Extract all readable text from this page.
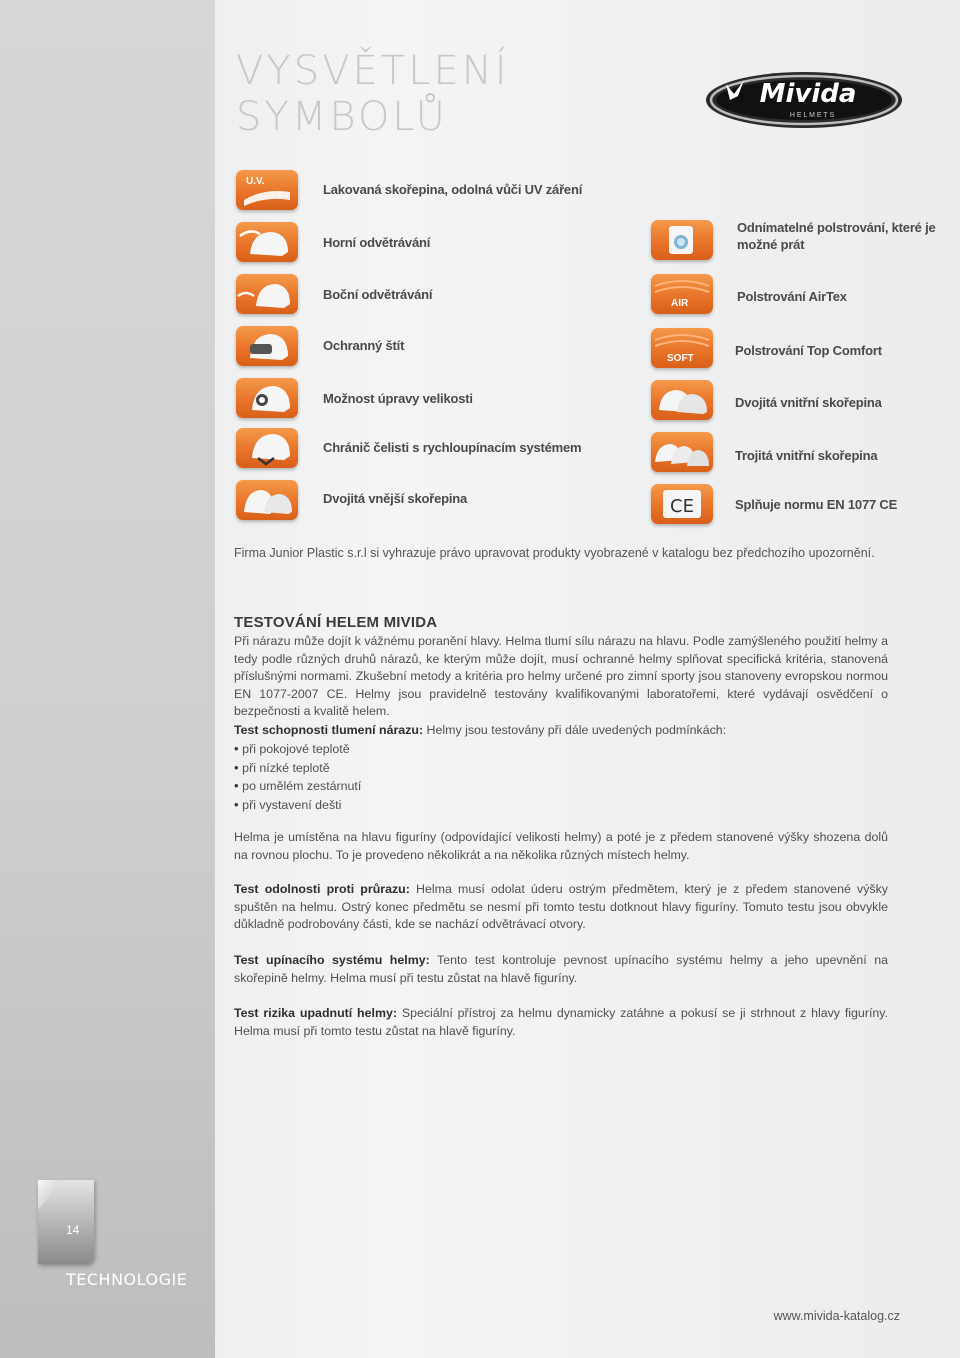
VYSVĚTLENÍ
SYMBOLŮ	Mivida
H E L M E T S
U.V.
Lakovaná skořepina, odolná vůči UV záření
Horní odvětrávání
Boční odvětrávání
Ochranný štít
Možnost úpravy velikosti
Chránič čelisti s rychloupínacím systémem
Dvojitá vnější skořepina
Odnímatelné polstrování, které je možné prát
AIR	Polstrování AirTex
SOFT
Polstrování Top Comfort
Dvojitá vnitřní skořepina
Trojitá vnitřní skořepina
CE	Splňuje normu EN 1077 CE
Firma Junior Plastic s.r.l si vyhrazuje právo upravovat produkty vyobrazené v katalogu bez předchozího upozornění.
TESTOVÁNÍ HELEM MIVIDA

Při nárazu může dojít k vážnému poranění hlavy. Helma tlumí sílu nárazu na hlavu. Podle zamýšleného použití helmy a tedy podle různých druhů nárazů, ke kterým může dojít, musí ochranné helmy splňovat specifická kritéria, stanovená příslušnými normami. Zkušební metody a kritéria pro helmy určené pro zimní sporty jsou stanoveny evropskou normou EN 1077-2007 CE. Helmy jsou pravidelně testovány kvalifikovanými laboratořemi, které vydávají osvědčení o bezpečnosti a kvalitě helem.

Test schopnosti tlumení nárazu: Helmy jsou testovány při dále uvedených podmínkách:

• při pokojové teplotě
• při nízké teplotě
• po umělém zestárnutí
• při vystavení dešti

Helma je umístěna na hlavu figuríny (odpovídající velikosti helmy) a poté je z předem stanovené výšky shozena dolů na rovnou plochu. To je provedeno několikrát a na několika různých místech helmy.

Test odolnosti proti průrazu: Helma musí odolat úderu ostrým předmětem, který je z předem stanovené výšky spuštěn na helmu. Ostrý konec předmětu se nesmí při tomto testu dotknout hlavy figuríny. Tomuto testu jsou obvykle důkladně podrobovány části, kde se nachází odvětrávací otvory.

Test upínacího systému helmy: Tento test kontroluje pevnost upínacího systému helmy a jeho upevnění na skořepině helmy. Helma musí při testu zůstat na hlavě figuríny.

Test rizika upadnutí helmy: Speciální přístroj za helmu dynamicky zatáhne a pokusí se ji strhnout z hlavy figuríny. Helma musí při tomto testu zůstat na hlavě figuríny.

14
TECHNOLOGIE
www.mivida-katalog.cz
